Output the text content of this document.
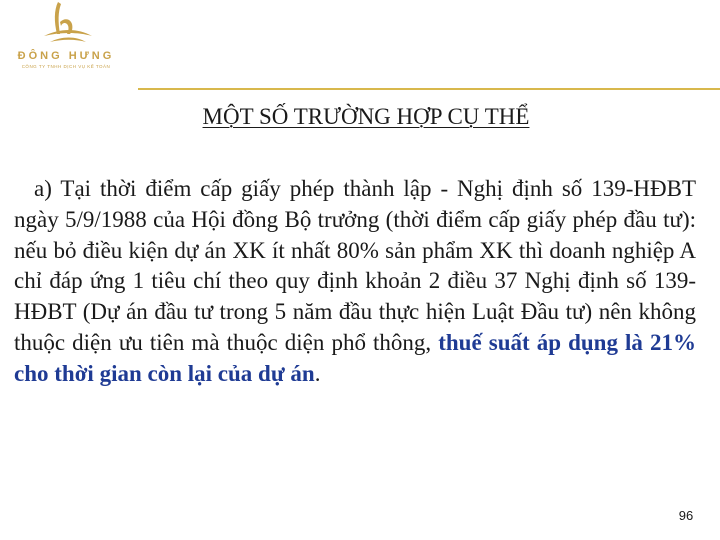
ĐÔNG HƯNG
CÔNG TY TNHH DỊCH VỤ KẾ TOÁN
MỘT SỐ TRƯỜNG HỢP CỤ THỂ
a) Tại thời điểm cấp giấy phép thành lập - Nghị định số 139-HĐBT ngày 5/9/1988 của Hội đồng Bộ trưởng (thời điểm cấp giấy phép đầu tư): nếu bỏ điều kiện dự án XK ít nhất 80% sản phẩm XK thì doanh nghiệp A chỉ đáp ứng 1 tiêu chí theo quy định khoản 2 điều 37 Nghị định số 139-HĐBT (Dự án đầu tư trong 5 năm đầu thực hiện Luật Đầu tư) nên không thuộc diện ưu tiên mà thuộc diện phổ thông, thuế suất áp dụng là 21% cho thời gian còn lại của dự án.
96
